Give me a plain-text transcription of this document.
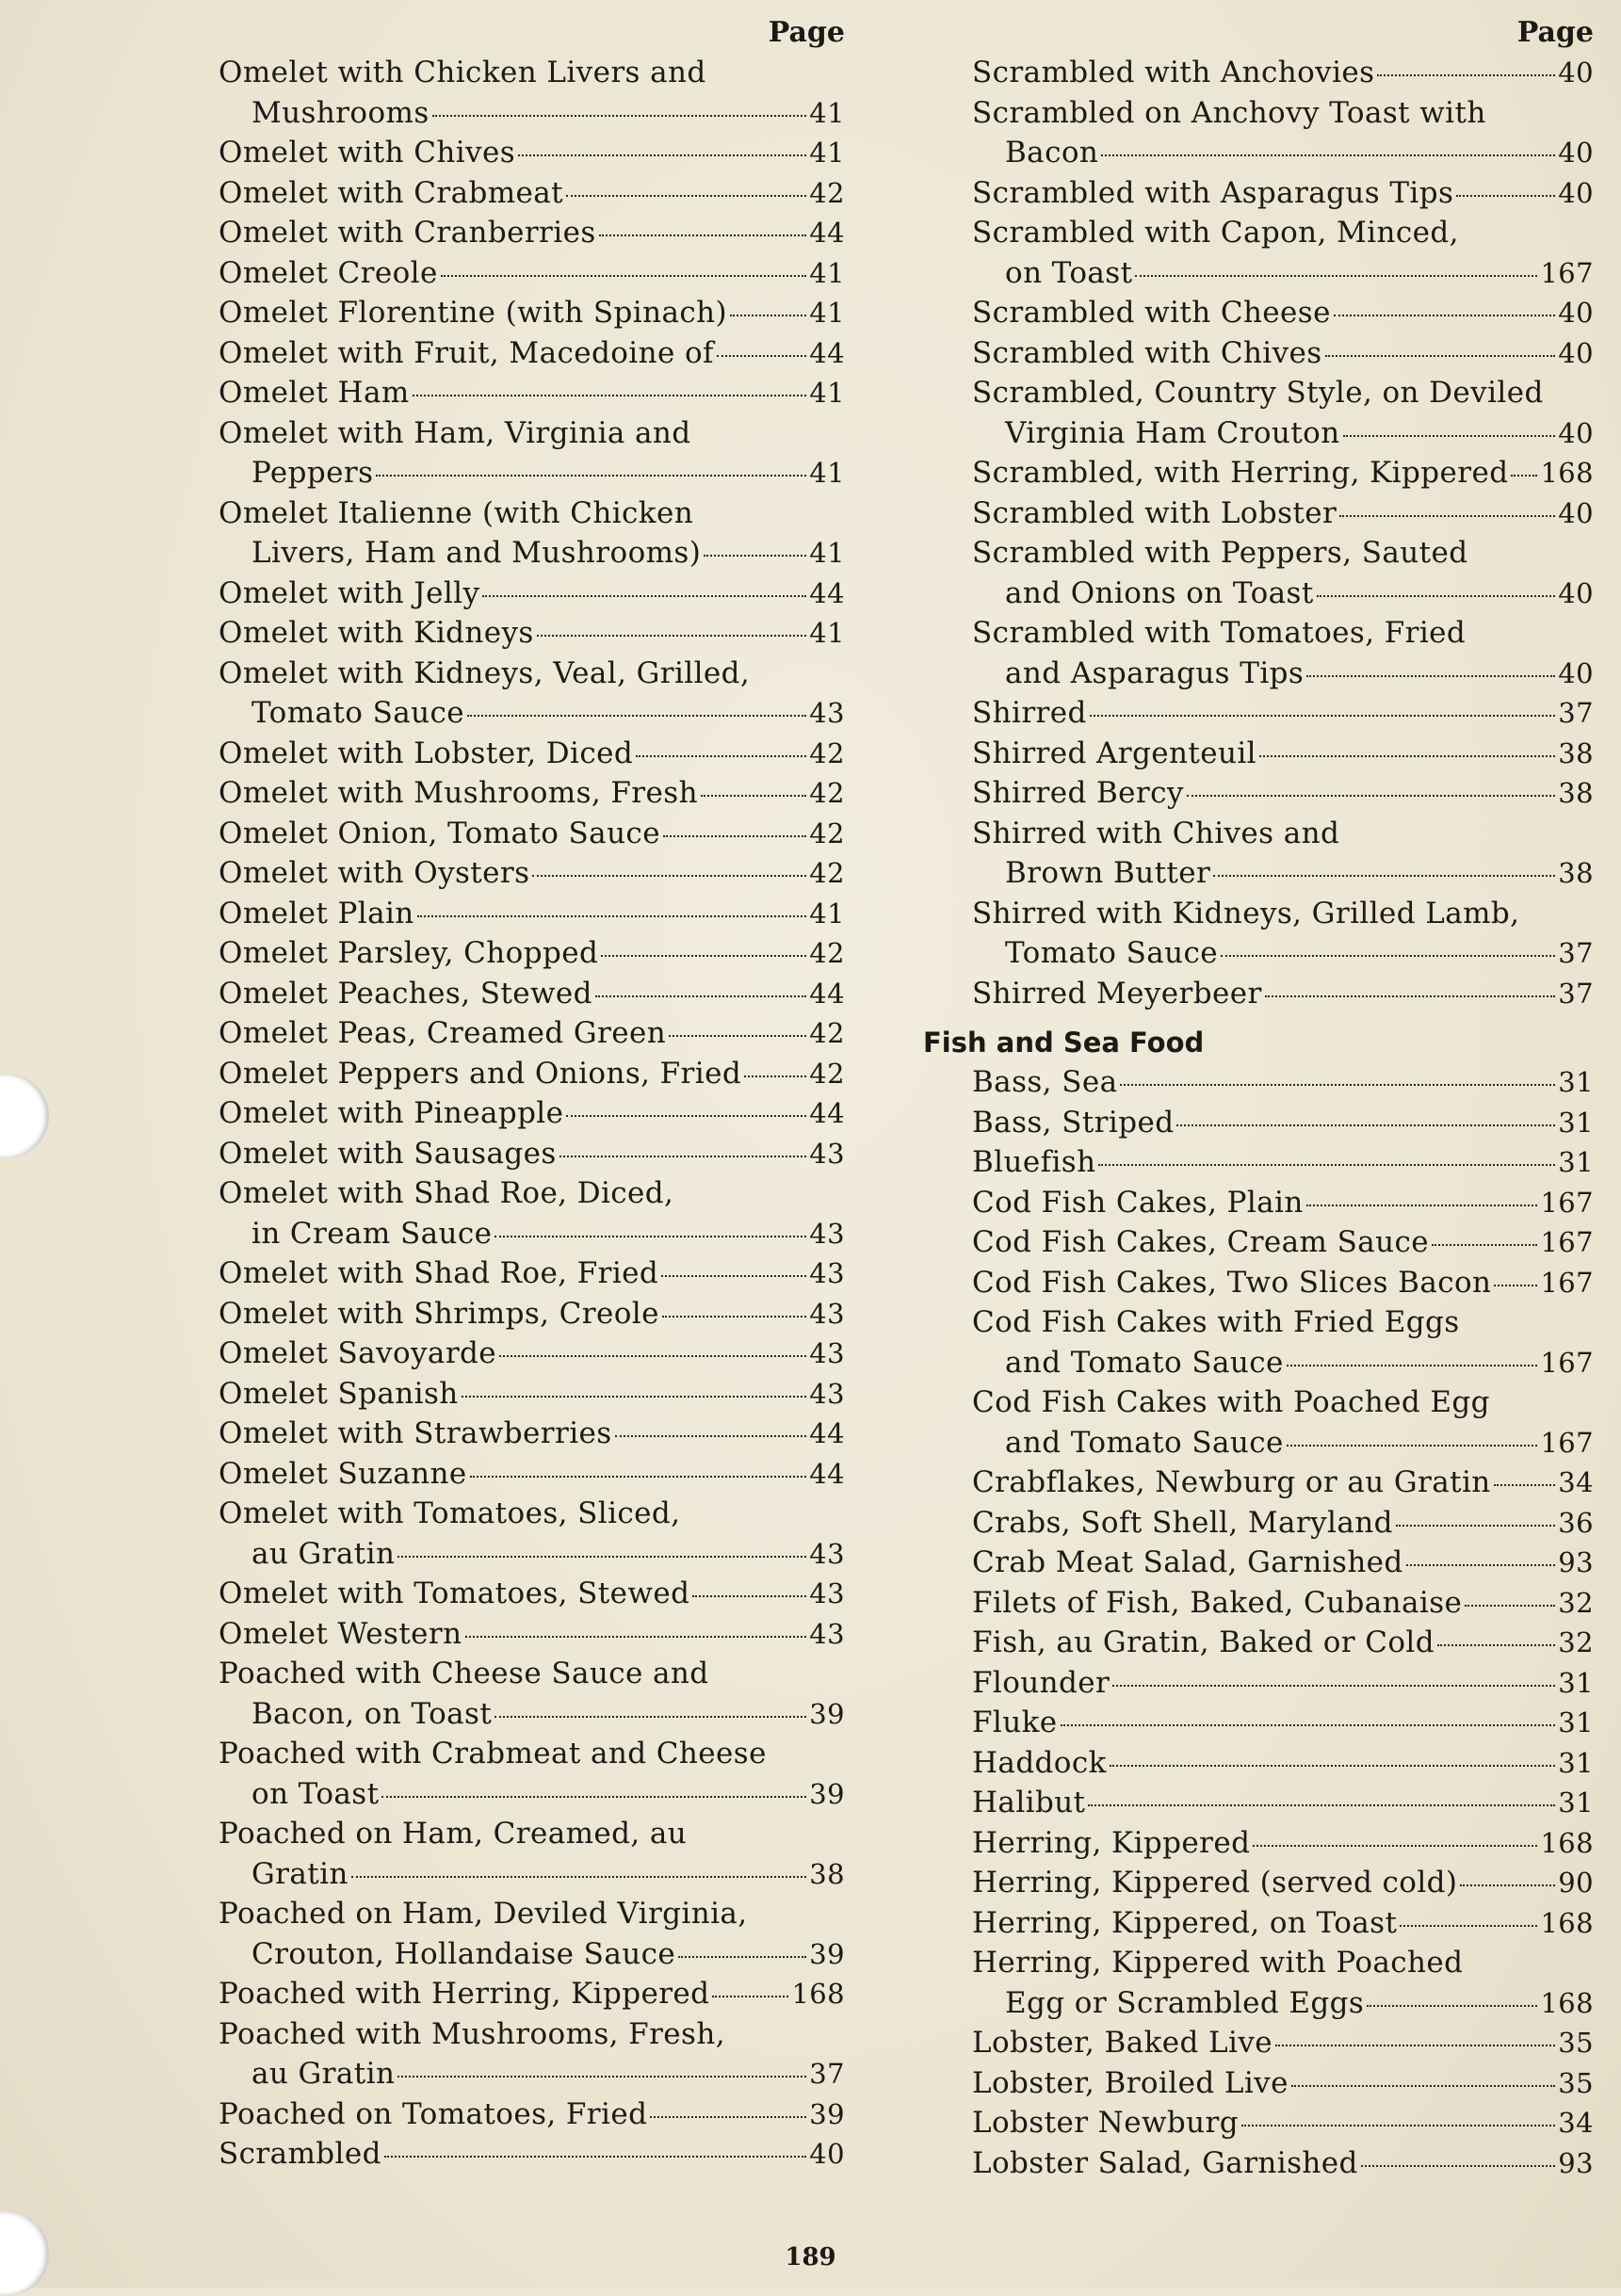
Page
Omelet with Chicken Livers and
Mushrooms	41
Omelet with Chives	41
Omelet with Crabmeat	42
Omelet with Cranberries	44
Omelet Creole	41
Omelet Florentine (with Spinach)	41
Omelet with Fruit, Macedoine of	44
Omelet Ham	41
Omelet with Ham, Virginia and
Peppers	41
Omelet Italienne (with Chicken
Livers, Ham and Mushrooms)	41
Omelet with Jelly	44
Omelet with Kidneys	41
Omelet with Kidneys, Veal, Grilled,
Tomato Sauce	43
Omelet with Lobster, Diced	42
Omelet with Mushrooms, Fresh	42
Omelet Onion, Tomato Sauce	42
Omelet with Oysters	42
Omelet Plain	41
Omelet Parsley, Chopped	42
Omelet Peaches, Stewed	44
Omelet Peas, Creamed Green	42
Omelet Peppers and Onions, Fried 42
Omelet with Pineapple	44
Omelet with Sausages	43
Omelet with Shad Roe, Diced,
in Cream Sauce	43
Omelet with Shad Roe, Fried	43
Omelet with Shrimps, Creole	43
Omelet Savoyarde	43
Omelet Spanish	43
Omelet with Strawberries	44
Omelet Suzanne	44
Omelet with Tomatoes, Sliced,
au Gratin	43
Omelet with Tomatoes, Stewed	43
Omelet Western	43
Poached with Cheese Sauce and
Bacon, on Toast	39
Poached with Crabmeat and Cheese
on Toast	39
Poached on Ham, Creamed, au
Gratin	38
Poached on Ham, Deviled Virginia,
Crouton, Hollandaise Sauce	39
Poached with Herring, Kippered	168
Poached with Mushrooms, Fresh,
au Gratin	37
Poached on Tomatoes, Fried	39
Scrambled	40
Page
Scrambled with Anchovies	40
Scrambled on Anchovy Toast with
Bacon	40
Scrambled with Asparagus Tips	40
Scrambled with Capon, Minced,
on Toast	167
Scrambled with Cheese	40
Scrambled with Chives	40
Scrambled, Country Style, on Deviled
Virginia Ham Crouton	40
Scrambled, with Herring, Kippered 168
Scrambled with Lobster	40
Scrambled with Peppers, Sauted
and Onions on Toast	40
Scrambled with Tomatoes, Fried
and Asparagus Tips	40
Shirred	37
Shirred Argenteuil	38
Shirred Bercy	38
Shirred with Chives and
Brown Butter	38
Shirred with Kidneys, Grilled Lamb,
Tomato Sauce	37
Shirred Meyerbeer	37
Fish and Sea Food
Bass, Sea	31
Bass, Striped	31
Bluefish	31
Cod Fish Cakes, Plain	167
Cod Fish Cakes, Cream Sauce	167
Cod Fish Cakes, Two Slices Bacon 167
Cod Fish Cakes with Fried Eggs
and Tomato Sauce	167
Cod Fish Cakes with Poached Egg
and Tomato Sauce	167
Crabflakes, Newburg or au Gratin 34
Crabs, Soft Shell, Maryland	36
Crab Meat Salad, Garnished	93
Filets of Fish, Baked, Cubanaise	32
Fish, au Gratin, Baked or Cold	32
Flounder	31
Fluke	31
Haddock	31
Halibut	31
Herring, Kippered	168
Herring, Kippered (served cold)	90
Herring, Kippered, on Toast	168
Herring, Kippered with Poached
Egg or Scrambled Eggs	168
Lobster, Baked Live	35
Lobster, Broiled Live	35
Lobster Newburg	34
Lobster Salad, Garnished	93
189
